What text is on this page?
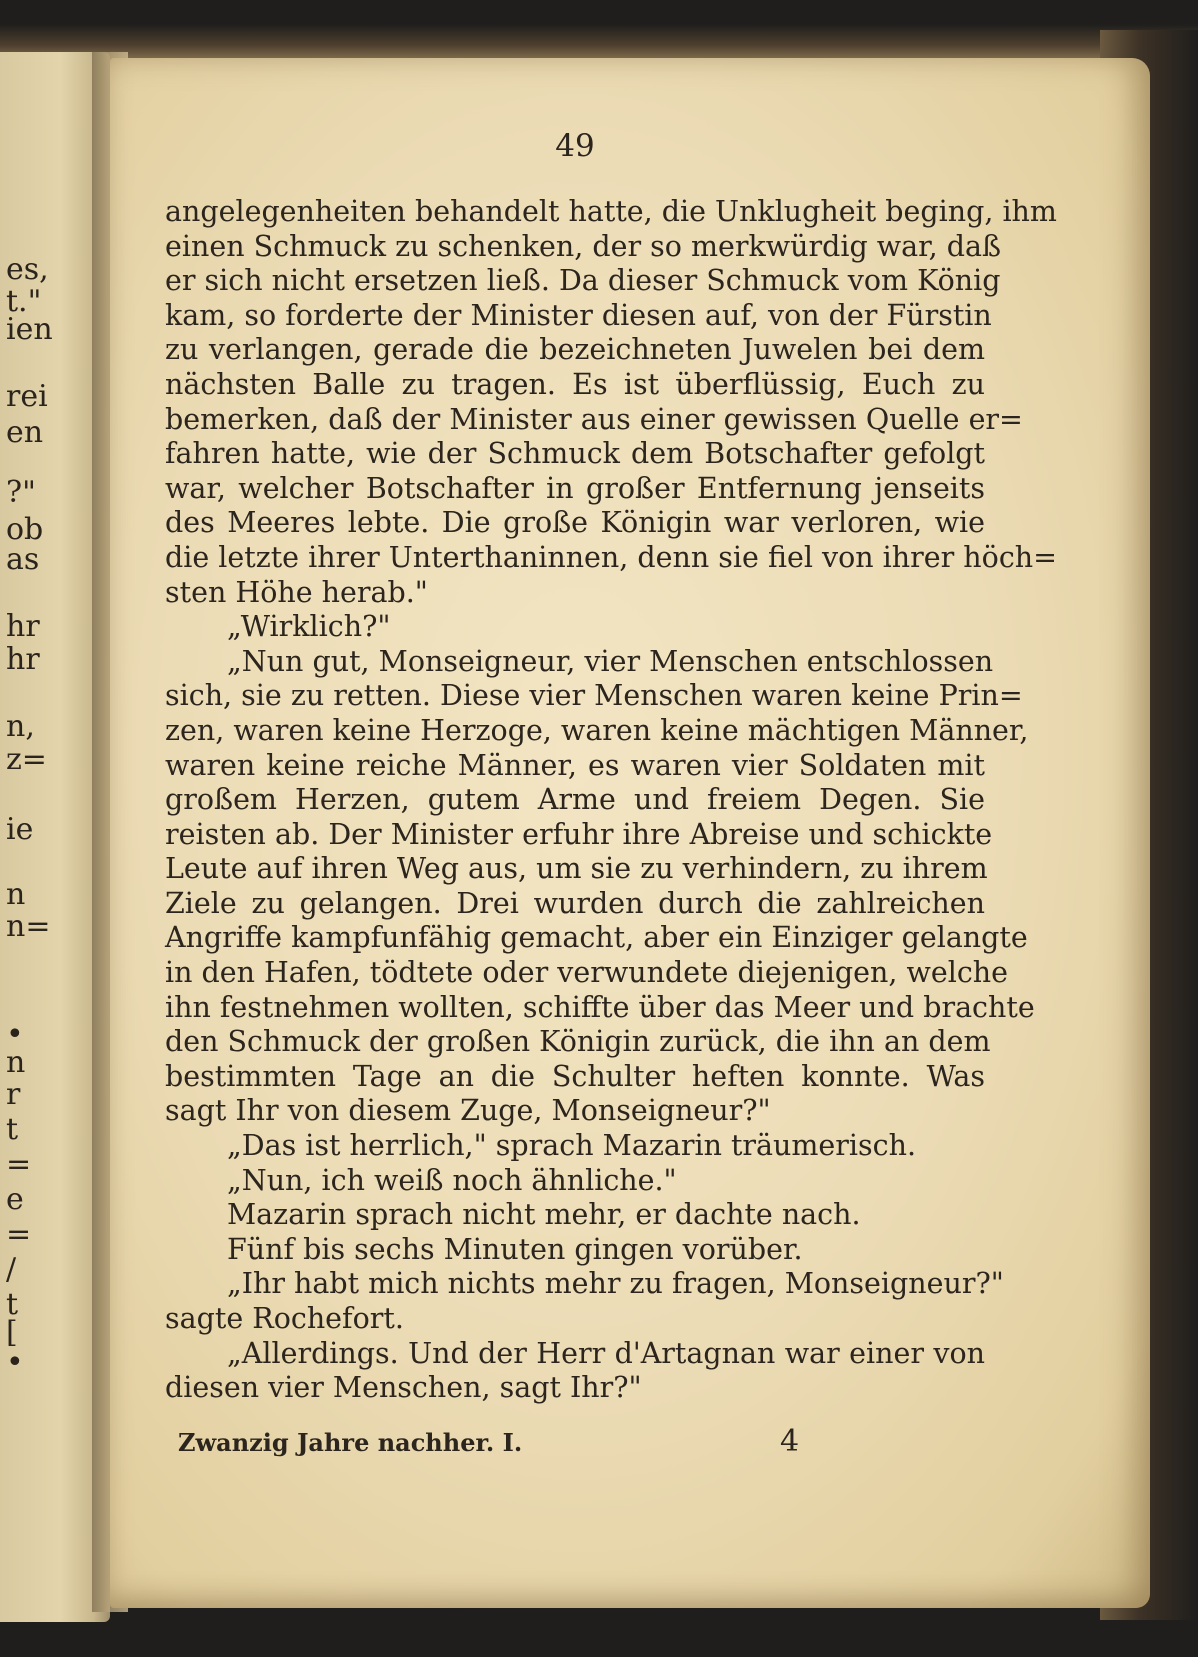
es,
t."
ien
rei
en
?"
ob
as
hr
hr
n,
z=
ie
n
n=
•
n
r
t
=
e
=
/
t
[
•
49
angelegenheiten behandelt hatte, die Unklugheit beging, ihm
einen Schmuck zu schenken, der so merkwürdig war, daß
er sich nicht ersetzen ließ. Da dieser Schmuck vom König
kam, so forderte der Minister diesen auf, von der Fürstin
zu verlangen, gerade die bezeichneten Juwelen bei dem
nächsten Balle zu tragen. Es ist überflüssig, Euch zu
bemerken, daß der Minister aus einer gewissen Quelle er=
fahren hatte, wie der Schmuck dem Botschafter gefolgt
war, welcher Botschafter in großer Entfernung jenseits
des Meeres lebte. Die große Königin war verloren, wie
die letzte ihrer Unterthaninnen, denn sie fiel von ihrer höch=
sten Höhe herab."
„Wirklich?"
„Nun gut, Monseigneur, vier Menschen entschlossen
sich, sie zu retten. Diese vier Menschen waren keine Prin=
zen, waren keine Herzoge, waren keine mächtigen Männer,
waren keine reiche Männer, es waren vier Soldaten mit
großem Herzen, gutem Arme und freiem Degen. Sie
reisten ab. Der Minister erfuhr ihre Abreise und schickte
Leute auf ihren Weg aus, um sie zu verhindern, zu ihrem
Ziele zu gelangen. Drei wurden durch die zahlreichen
Angriffe kampfunfähig gemacht, aber ein Einziger gelangte
in den Hafen, tödtete oder verwundete diejenigen, welche
ihn festnehmen wollten, schiffte über das Meer und brachte
den Schmuck der großen Königin zurück, die ihn an dem
bestimmten Tage an die Schulter heften konnte. Was
sagt Ihr von diesem Zuge, Monseigneur?"
„Das ist herrlich," sprach Mazarin träumerisch.
„Nun, ich weiß noch ähnliche."
Mazarin sprach nicht mehr, er dachte nach.
Fünf bis sechs Minuten gingen vorüber.
„Ihr habt mich nichts mehr zu fragen, Monseigneur?"
sagte Rochefort.
„Allerdings. Und der Herr d'Artagnan war einer von
diesen vier Menschen, sagt Ihr?"
Zwanzig Jahre nachher. I.	4
